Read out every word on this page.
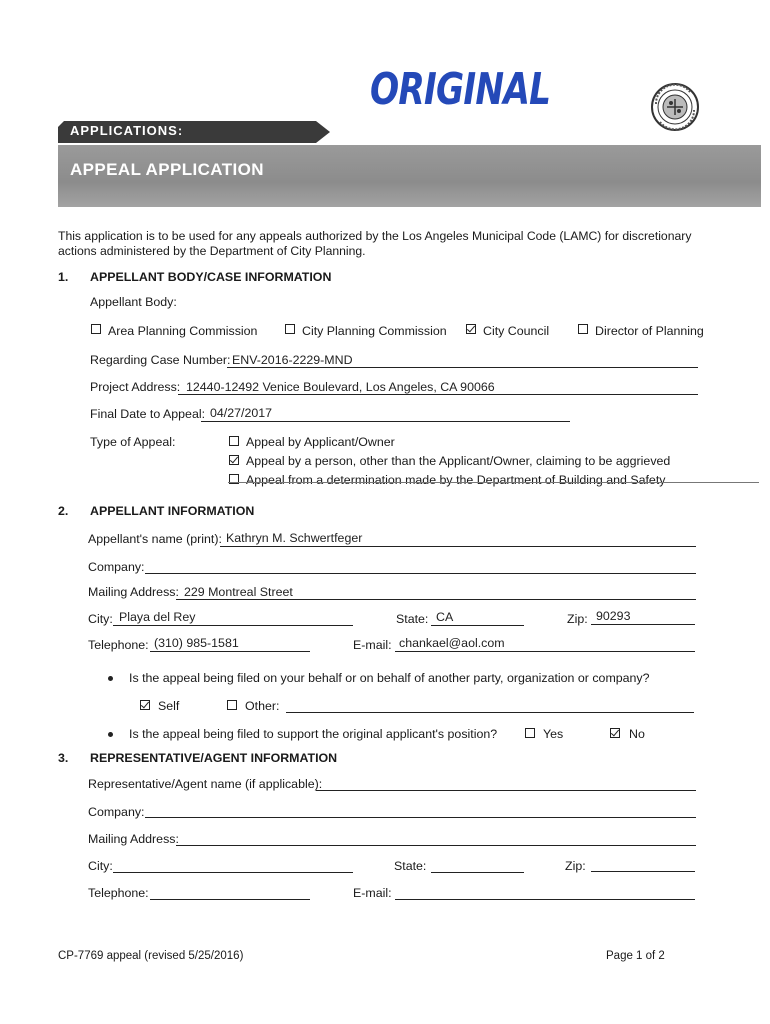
ORIGINAL
APPLICATIONS:
APPEAL APPLICATION
This application is to be used for any appeals authorized by the Los Angeles Municipal Code (LAMC) for discretionary actions administered by the Department of City Planning.
1. APPELLANT BODY/CASE INFORMATION
Appellant Body:
Area Planning Commission	City Planning Commission	City Council	Director of Planning
Regarding Case Number: ENV-2016-2229-MND
Project Address: 12440-12492 Venice Boulevard, Los Angeles, CA 90066
Final Date to Appeal: 04/27/2017
Type of Appeal:	Appeal by Applicant/Owner
Appeal by a person, other than the Applicant/Owner, claiming to be aggrieved
Appeal from a determination made by the Department of Building and Safety
2. APPELLANT INFORMATION
Appellant's name (print): Kathryn M. Schwertfeger
Company:
Mailing Address: 229 Montreal Street
City: Playa del Rey	State: CA	Zip: 90293
Telephone: (310) 985-1581	E-mail: chankael@aol.com
Is the appeal being filed on your behalf or on behalf of another party, organization or company?
Self	Other:
Is the appeal being filed to support the original applicant's position?	Yes	No
3. REPRESENTATIVE/AGENT INFORMATION
Representative/Agent name (if applicable):
Company:
Mailing Address:
City:	State:	Zip:
Telephone:	E-mail:
CP-7769 appeal (revised 5/25/2016)	Page 1 of 2
